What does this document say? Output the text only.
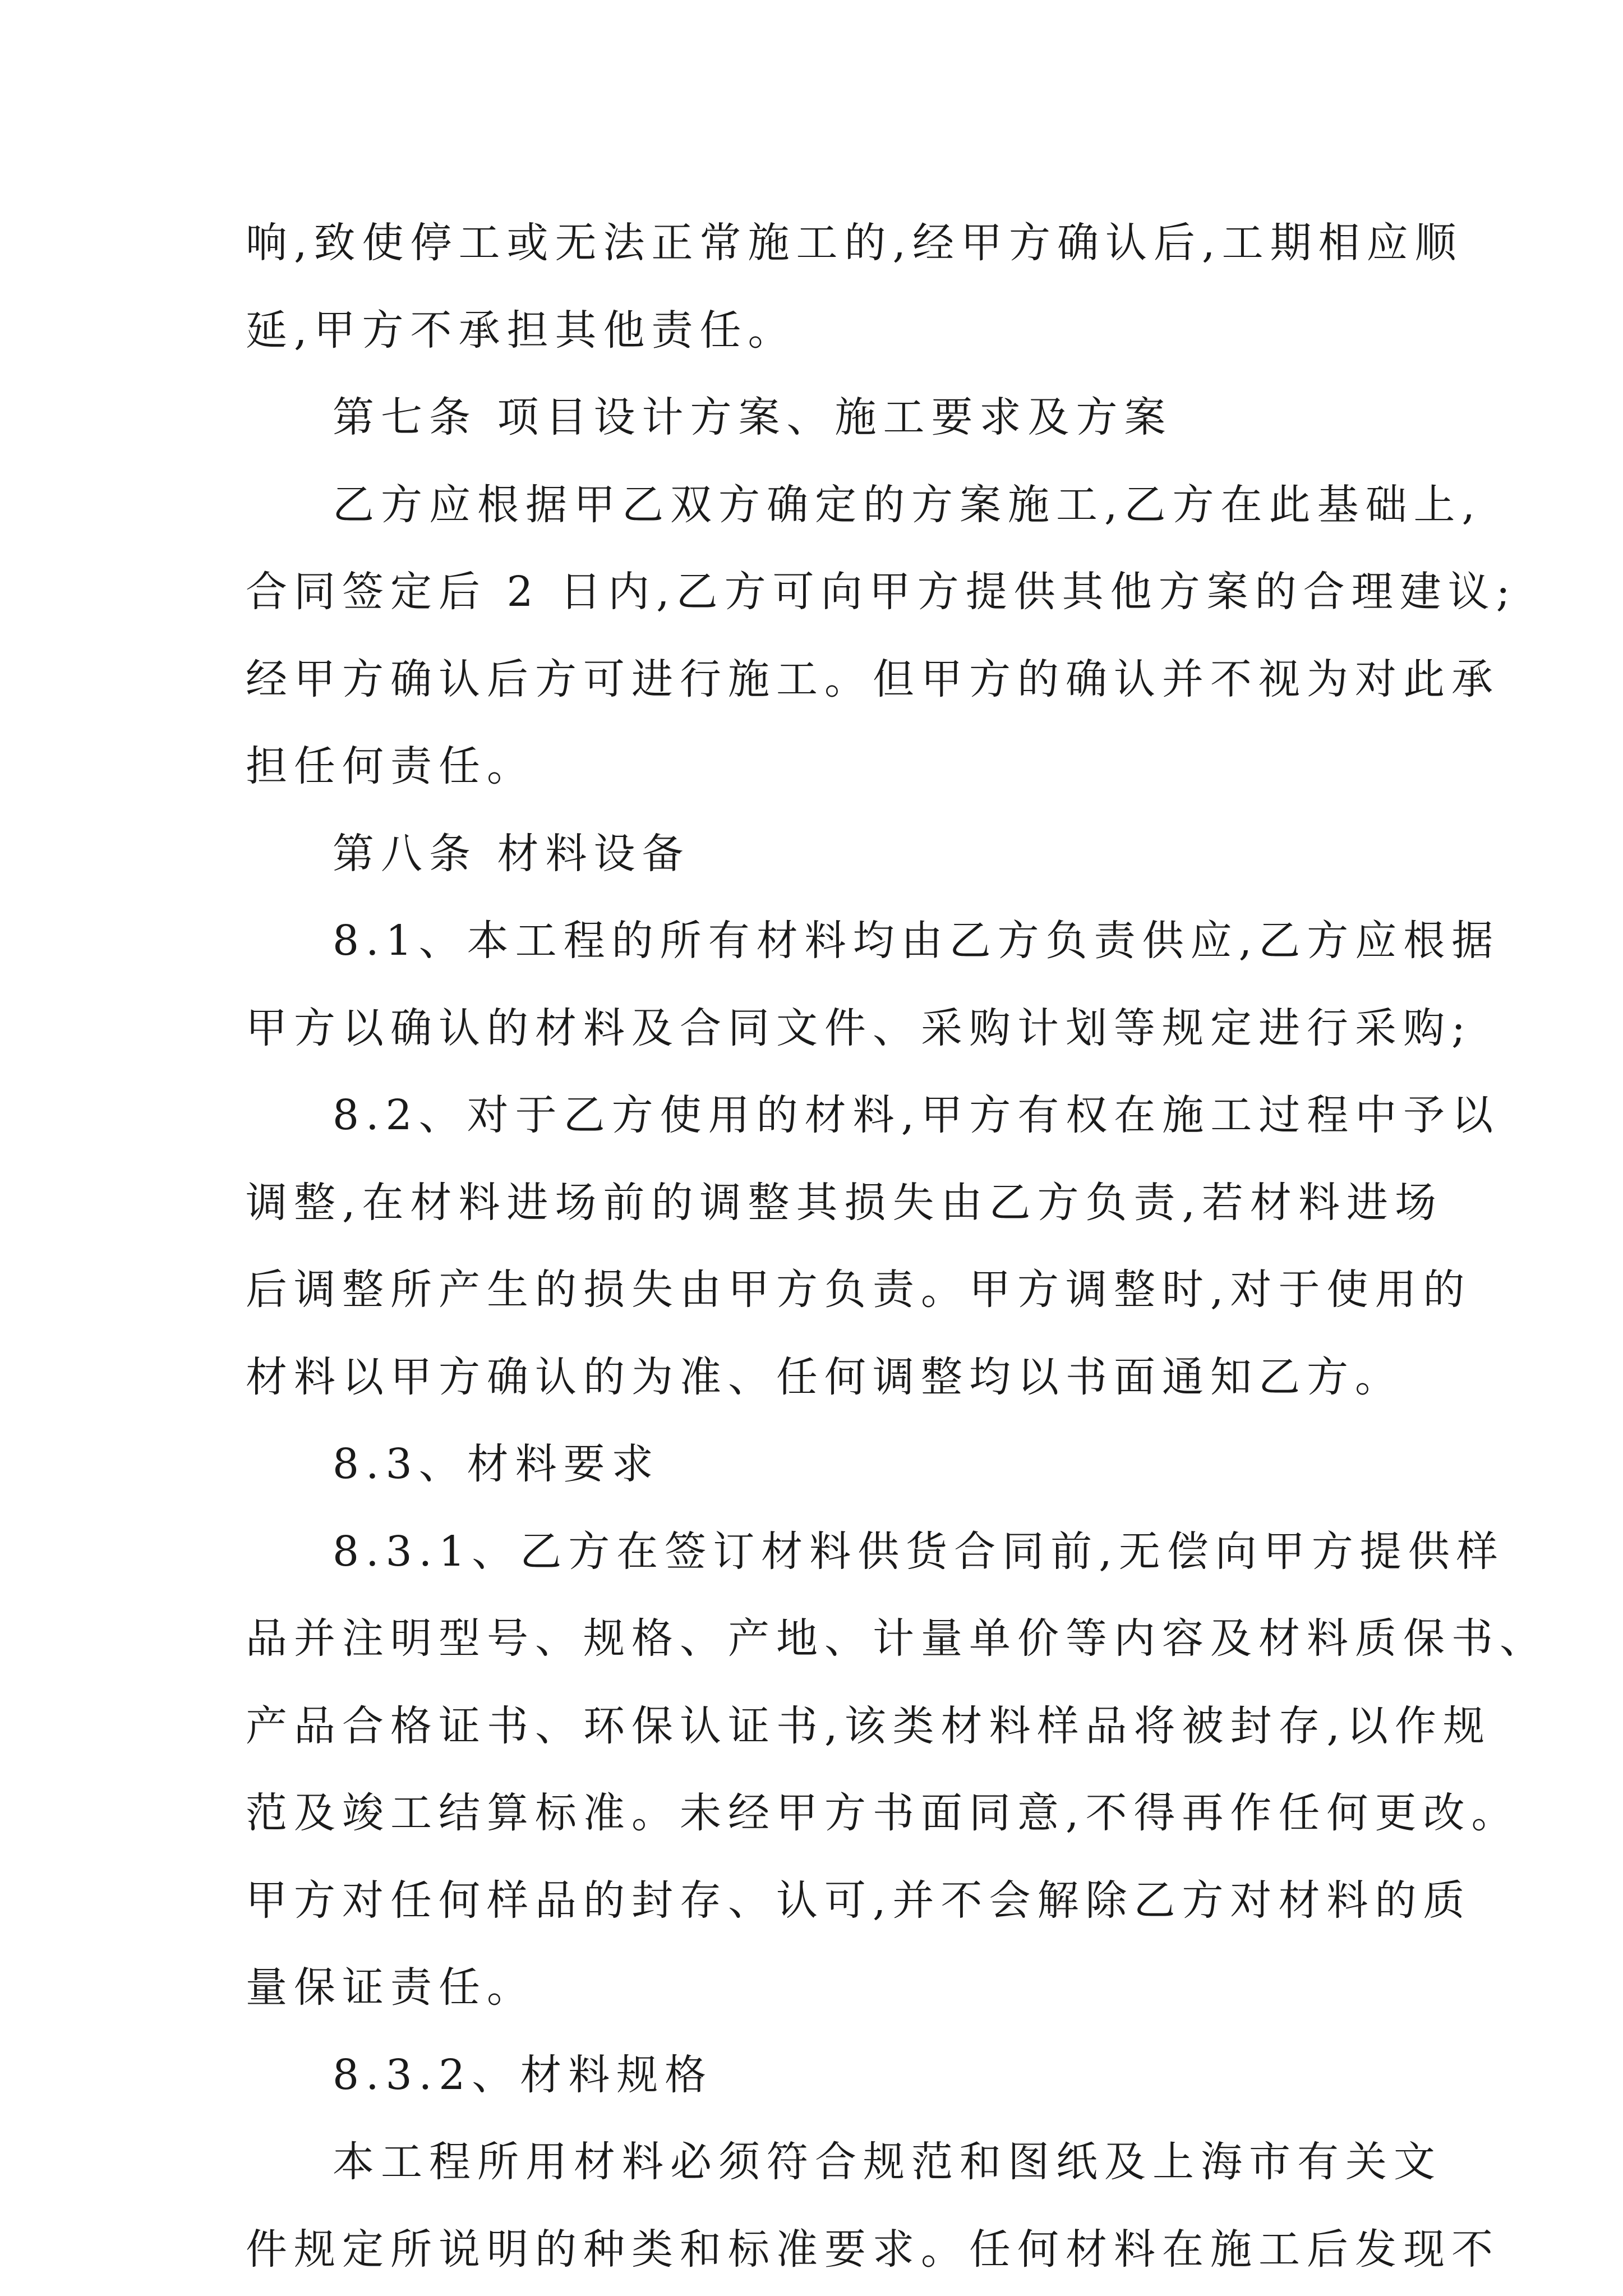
响,致使停工或无法正常施工的,经甲方确认后,工期相应顺
延,甲方不承担其他责任。
第七条 项目设计方案、施工要求及方案
乙方应根据甲乙双方确定的方案施工,乙方在此基础上,
合同签定后 2 日内,乙方可向甲方提供其他方案的合理建议;
经甲方确认后方可进行施工。但甲方的确认并不视为对此承
担任何责任。
第八条 材料设备
8.1、本工程的所有材料均由乙方负责供应,乙方应根据
甲方以确认的材料及合同文件、采购计划等规定进行采购;
8.2、对于乙方使用的材料,甲方有权在施工过程中予以
调整,在材料进场前的调整其损失由乙方负责,若材料进场
后调整所产生的损失由甲方负责。甲方调整时,对于使用的
材料以甲方确认的为准、任何调整均以书面通知乙方。
8.3、材料要求
8.3.1、乙方在签订材料供货合同前,无偿向甲方提供样
品并注明型号、规格、产地、计量单价等内容及材料质保书、
产品合格证书、环保认证书,该类材料样品将被封存,以作规
范及竣工结算标准。未经甲方书面同意,不得再作任何更改。
甲方对任何样品的封存、认可,并不会解除乙方对材料的质
量保证责任。
8.3.2、材料规格
本工程所用材料必须符合规范和图纸及上海市有关文
件规定所说明的种类和标准要求。任何材料在施工后发现不
